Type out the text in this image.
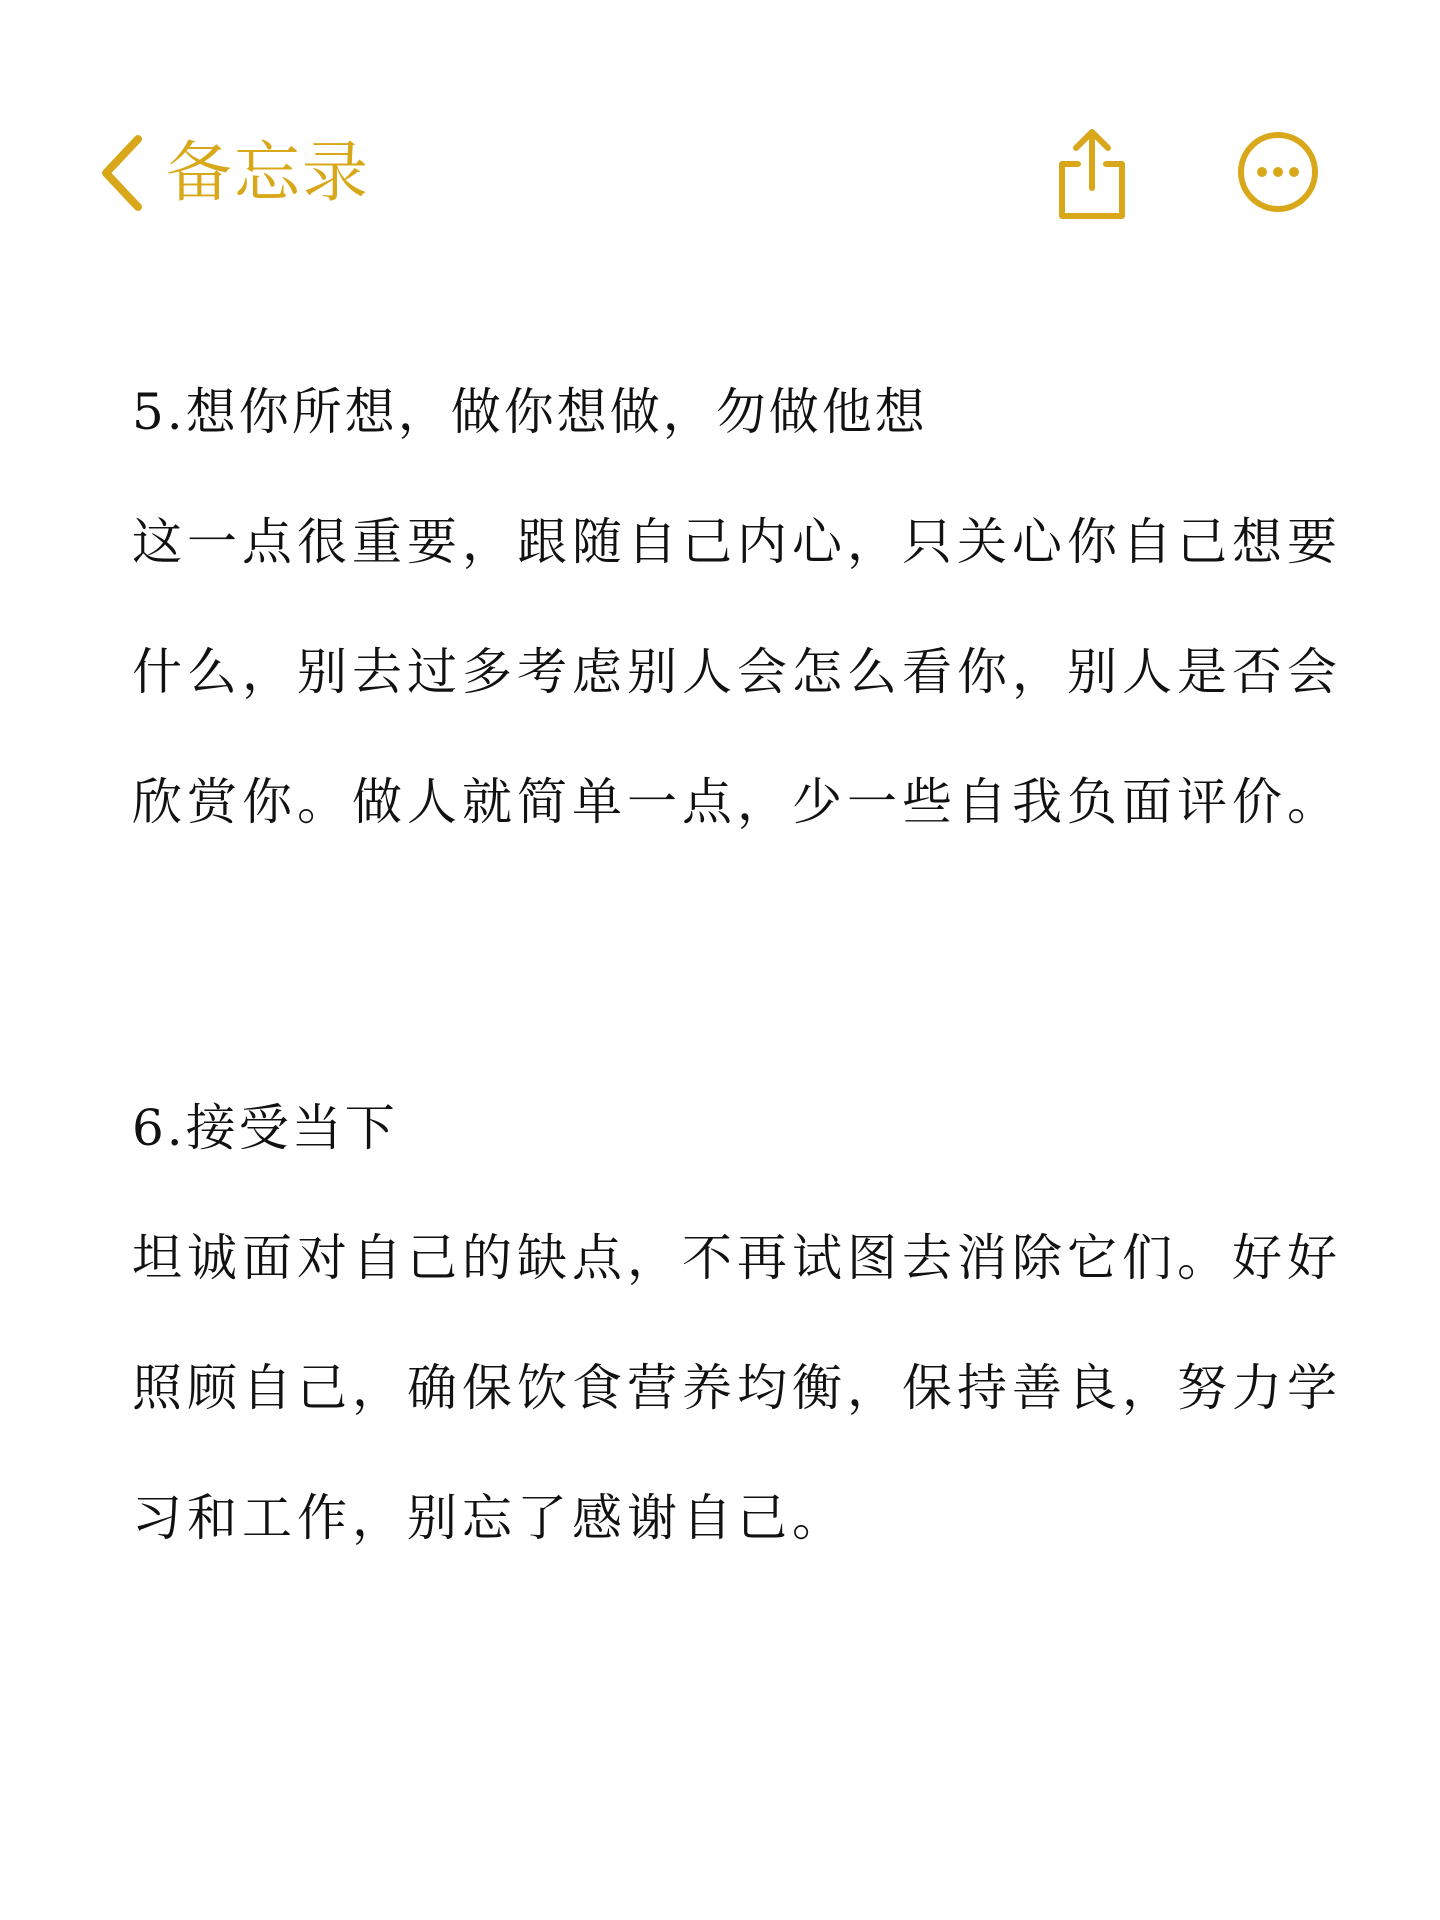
备忘录
5.想你所想，做你想做，勿做他想
这一点很重要，跟随自己内心，只关心你自己想要
什么，别去过多考虑别人会怎么看你，别人是否会
欣赏你。做人就简单一点，少一些自我负面评价。
6.接受当下
坦诚面对自己的缺点，不再试图去消除它们。好好
照顾自己，确保饮食营养均衡，保持善良，努力学
习和工作，别忘了感谢自己。
